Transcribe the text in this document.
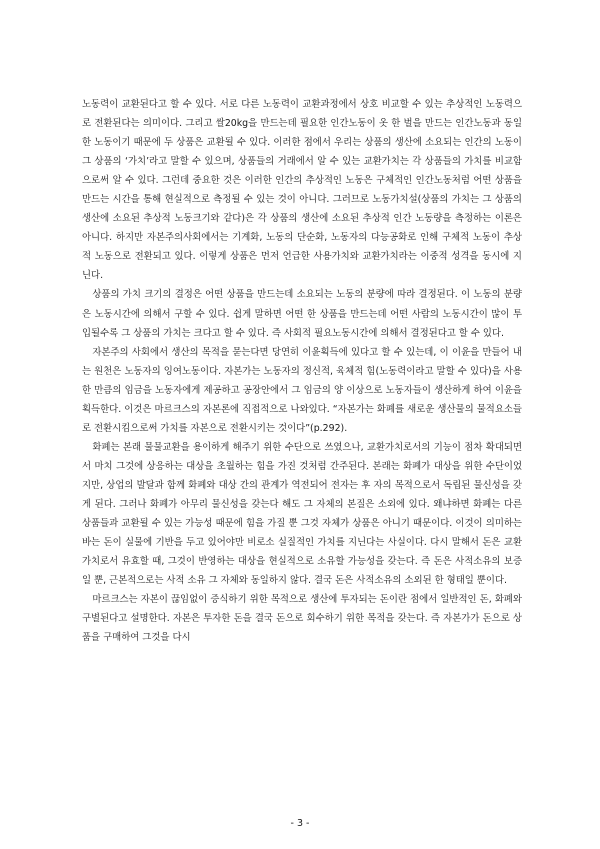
노동력이 교환된다고 할 수 있다. 서로 다른 노동력이 교환과정에서 상호 비교할 수 있는 추상적인 노동력으로 전환된다는 의미이다. 그리고 쌀20kg을 만드는데 필요한 인간노동이 옷 한 벌을 만드는 인간노동과 동일한 노동이기 때문에 두 상품은 교환될 수 있다. 이러한 점에서 우리는 상품의 생산에 소요되는 인간의 노동이 그 상품의 ‘가치’라고 말할 수 있으며, 상품들의 거래에서 알 수 있는 교환가치는 각 상품들의 가치를 비교함으로써 알 수 있다. 그런데 중요한 것은 이러한 인간의 추상적인 노동은 구체적인 인간노동처럼 어떤 상품을 만드는 시간을 통해 현실적으로 측정될 수 있는 것이 아니다. 그러므로 노동가치설(상품의 가치는 그 상품의 생산에 소요된 추상적 노동크기와 같다)은 각 상품의 생산에 소요된 추상적 인간 노동량을 측정하는 이론은 아니다. 하지만 자본주의사회에서는 기계화, 노동의 단순화, 노동자의 다능공화로 인해 구체적 노동이 추상적 노동으로 전환되고 있다. 이렇게 상품은 먼저 언급한 사용가치와 교환가치라는 이중적 성격을 동시에 지닌다.

상품의 가치 크기의 결정은 어떤 상품을 만드는데 소요되는 노동의 분량에 따라 결정된다. 이 노동의 분량은 노동시간에 의해서 구할 수 있다. 쉽게 말하면 어떤 한 상품을 만드는데 어떤 사람의 노동시간이 많이 투입될수록 그 상품의 가치는 크다고 할 수 있다. 즉 사회적 필요노동시간에 의해서 결정된다고 할 수 있다.

자본주의 사회에서 생산의 목적을 묻는다면 당연히 이윤획득에 있다고 할 수 있는데, 이 이윤을 만들어 내는 원천은 노동자의 잉여노동이다. 자본가는 노동자의 정신적, 육체적 힘(노동력이라고 말할 수 있다)을 사용한 만큼의 임금을 노동자에게 제공하고 공장안에서 그 임금의 양 이상으로 노동자들이 생산하게 하여 이윤을 획득한다. 이것은 마르크스의 자본론에 직접적으로 나와있다. “자본가는 화폐를 새로운 생산물의 물적요소들로 전환시킴으로써 가치를 자본으로 전환시키는 것이다”(p.292).

화폐는 본래 물물교환을 용이하게 해주기 위한 수단으로 쓰였으나, 교환가치로서의 기능이 점차 확대되면서 마치 그것에 상응하는 대상을 초월하는 힘을 가진 것처럼 간주된다. 본래는 화폐가 대상을 위한 수단이었지만, 상업의 발달과 함께 화폐와 대상 간의 관계가 역전되어 전자는 후 자의 목적으로서 독립된 물신성을 갖게 된다. 그러나 화폐가 아무리 물신성을 갖는다 해도 그 자체의 본질은 소외에 있다. 왜냐하면 화폐는 다른 상품들과 교환될 수 있는 가능성 때문에 힘을 가질 뿐 그것 자체가 상품은 아니기 때문이다. 이것이 의미하는 바는 돈이 실물에 기반을 두고 있어야만 비로소 실질적인 가치를 지닌다는 사실이다. 다시 말해서 돈은 교환가치로서 유효할 때, 그것이 반영하는 대상을 현실적으로 소유할 가능성을 갖는다. 즉 돈은 사적소유의 보증일 뿐, 근본적으로는 사적 소유 그 자체와 동일하지 않다. 결국 돈은 사적소유의 소외된 한 형태일 뿐이다.

마르크스는 자본이 끊임없이 증식하기 위한 목적으로 생산에 투자되는 돈이란 점에서 일반적인 돈, 화폐와 구별된다고 설명한다. 자본은 투자한 돈을 결국 돈으로 회수하기 위한 목적을 갖는다. 즉 자본가가 돈으로 상품을 구매하여 그것을 다시

- 3 -
